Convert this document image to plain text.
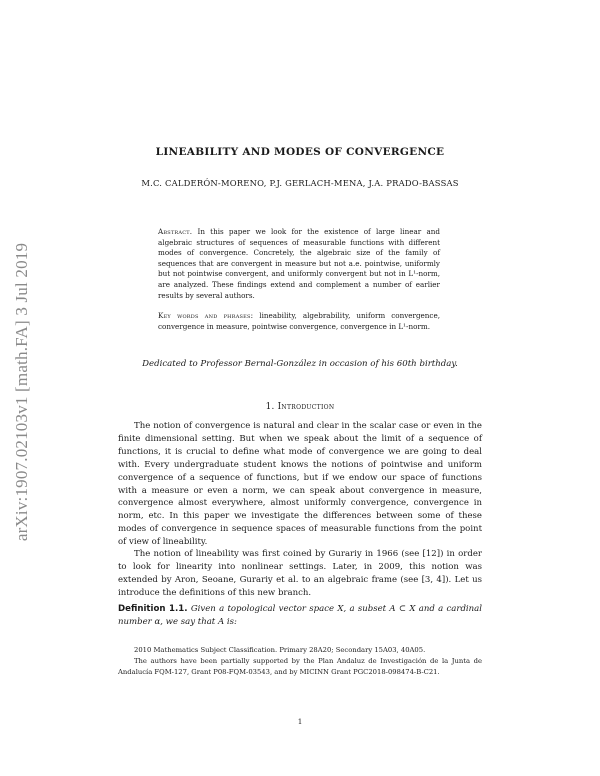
arXiv:1907.02103v1 [math.FA] 3 Jul 2019
LINEABILITY AND MODES OF CONVERGENCE
M.C. CALDERÓN-MORENO, P.J. GERLACH-MENA, J.A. PRADO-BASSAS
Abstract. In this paper we look for the existence of large linear and algebraic structures of sequences of measurable functions with different modes of convergence. Concretely, the algebraic size of the family of sequences that are convergent in measure but not a.e. pointwise, uniformly but not pointwise convergent, and uniformly convergent but not in L¹-norm, are analyzed. These findings extend and complement a number of earlier results by several authors.
Key words and phrases: lineability, algebrability, uniform convergence, convergence in measure, pointwise convergence, convergence in L¹-norm.
Dedicated to Professor Bernal-González in occasion of his 60th birthday.
1. Introduction
The notion of convergence is natural and clear in the scalar case or even in the finite dimensional setting. But when we speak about the limit of a sequence of functions, it is crucial to define what mode of convergence we are going to deal with. Every undergraduate student knows the notions of pointwise and uniform convergence of a sequence of functions, but if we endow our space of functions with a measure or even a norm, we can speak about convergence in measure, convergence almost everywhere, almost uniformly convergence, convergence in norm, etc. In this paper we investigate the differences between some of these modes of convergence in sequence spaces of measurable functions from the point of view of lineability.
The notion of lineability was first coined by Gurariy in 1966 (see [12]) in order to look for linearity into nonlinear settings. Later, in 2009, this notion was extended by Aron, Seoane, Gurariy et al. to an algebraic frame (see [3, 4]). Let us introduce the definitions of this new branch.
Definition 1.1. Given a topological vector space X, a subset A ⊂ X and a cardinal number α, we say that A is:
2010 Mathematics Subject Classification. Primary 28A20; Secondary 15A03, 40A05.
The authors have been partially supported by the Plan Andaluz de Investigación de la Junta de Andalucía FQM-127, Grant P08-FQM-03543, and by MICINN Grant PGC2018-098474-B-C21.
1
